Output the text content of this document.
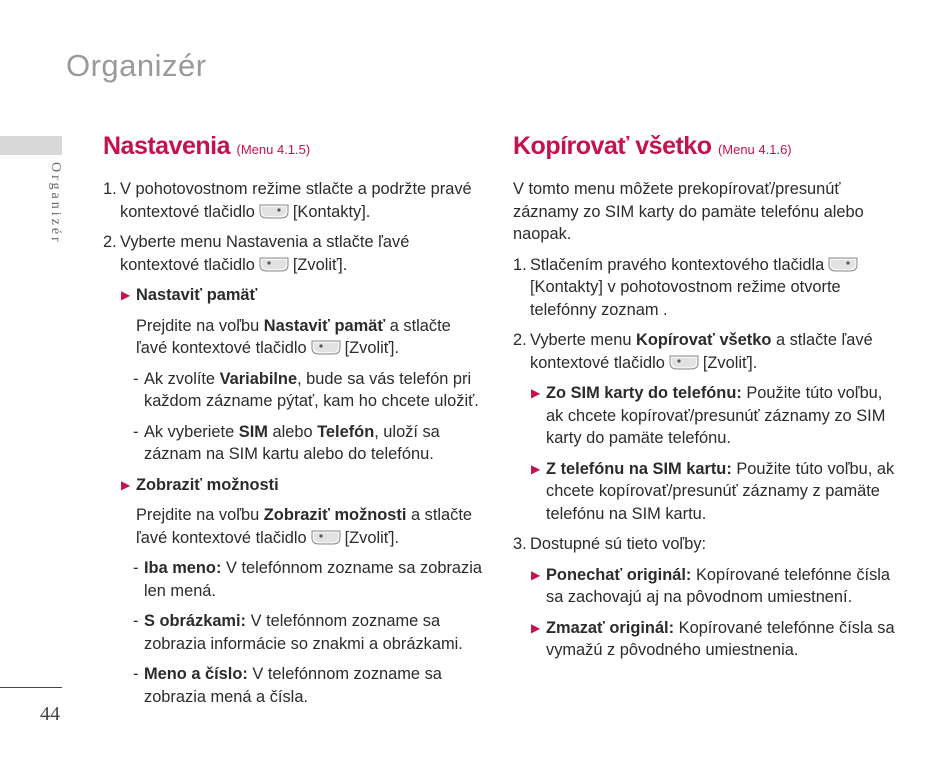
Organizér
Organizér
44
Nastavenia (Menu 4.1.5)
1. V pohotovostnom režime stlačte a podržte pravé kontextové tlačidlo [Kontakty].
2. Vyberte menu Nastavenia a stlačte ľavé kontextové tlačidlo [Zvoliť].
▶ Nastaviť pamäť
Prejdite na voľbu Nastaviť pamäť a stlačte ľavé kontextové tlačidlo [Zvoliť].
- Ak zvolíte Variabilne, bude sa vás telefón pri každom zázname pýtať, kam ho chcete uložiť.
- Ak vyberiete SIM alebo Telefón, uloží sa záznam na SIM kartu alebo do telefónu.
▶ Zobraziť možnosti
Prejdite na voľbu Zobraziť možnosti a stlačte ľavé kontextové tlačidlo [Zvoliť].
- Iba meno: V telefónnom zozname sa zobrazia len mená.
- S obrázkami: V telefónnom zozname sa zobrazia informácie so znakmi a obrázkami.
- Meno a číslo: V telefónnom zozname sa zobrazia mená a čísla.
Kopírovať všetko (Menu 4.1.6)
V tomto menu môžete prekopírovať/presunúť záznamy zo SIM karty do pamäte telefónu alebo naopak.
1. Stlačením pravého kontextového tlačidla[Kontakty] v pohotovostnom režime otvorte telefónny zoznam .
2. Vyberte menu Kopírovať všetko a stlačte ľavé kontextové tlačidlo [Zvoliť].
▶ Zo SIM karty do telefónu: Použite túto voľbu, ak chcete kopírovať/presunúť záznamy zo SIM karty do pamäte telefónu.
▶ Z telefónu na SIM kartu: Použite túto voľbu, ak chcete kopírovať/presunúť záznamy z pamäte telefónu na SIM kartu.
3. Dostupné sú tieto voľby:
▶ Ponechať originál: Kopírované telefónne čísla sa zachovajú aj na pôvodnom umiestnení.
▶ Zmazať originál: Kopírované telefónne čísla sa vymažú z pôvodného umiestnenia.
